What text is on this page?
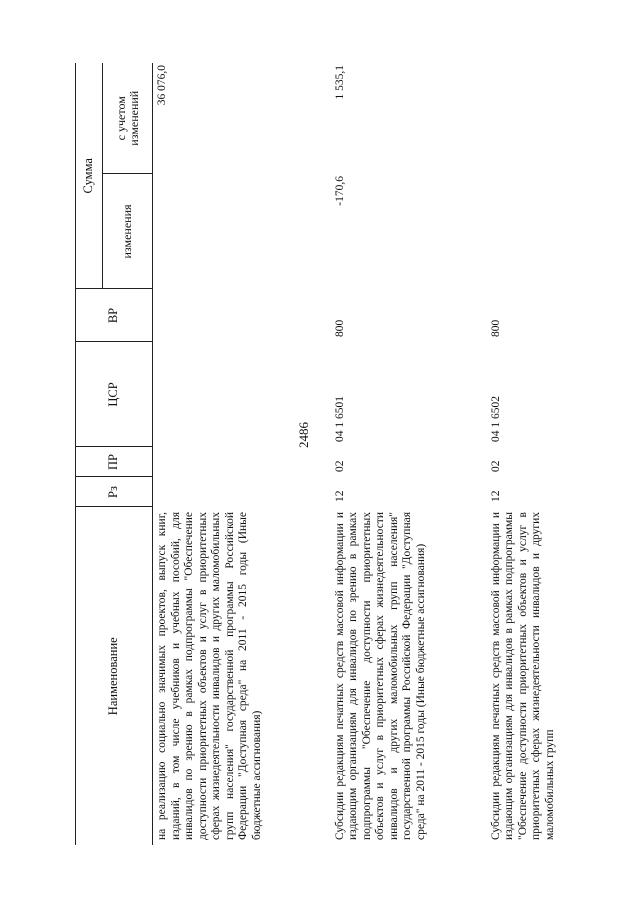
2486
Наименование	Рз	ПР	ЦСР	ВР	Сумма	
					изменения	с учетом изменений
на реализацию социально значимых проектов, выпуск книг, изданий, в том числе учебников и учебных пособий, для инвалидов по зрению в рамках подпрограммы "Обеспечение доступности приоритетных объектов и услуг в приоритетных сферах жизнедеятельности инвалидов и других маломобильных групп населения" государственной программы Российской Федерации "Доступная среда" на 2011 - 2015 годы (Иные бюджетные ассигнования)						36 076,0
Субсидии редакциям печатных средств массовой информации и издающим организациям для инвалидов по зрению в рамках подпрограммы "Обеспечение доступности приоритетных объектов и услуг в приоритетных сферах жизнедеятельности инвалидов и других маломобильных групп населения" государственной программы Российской Федерации "Доступная среда" на 2011 - 2015 годы (Иные бюджетные ассигнования)	12	02	04 1 6501	800	-170,6	1 535,1
Субсидии редакциям печатных средств массовой информации и издающим организациям для инвалидов в рамках подпрограммы "Обеспечение доступности приоритетных объектов и услуг в приоритетных сферах жизнедеятельности инвалидов и других маломобильных групп	12	02	04 1 6502	800		
